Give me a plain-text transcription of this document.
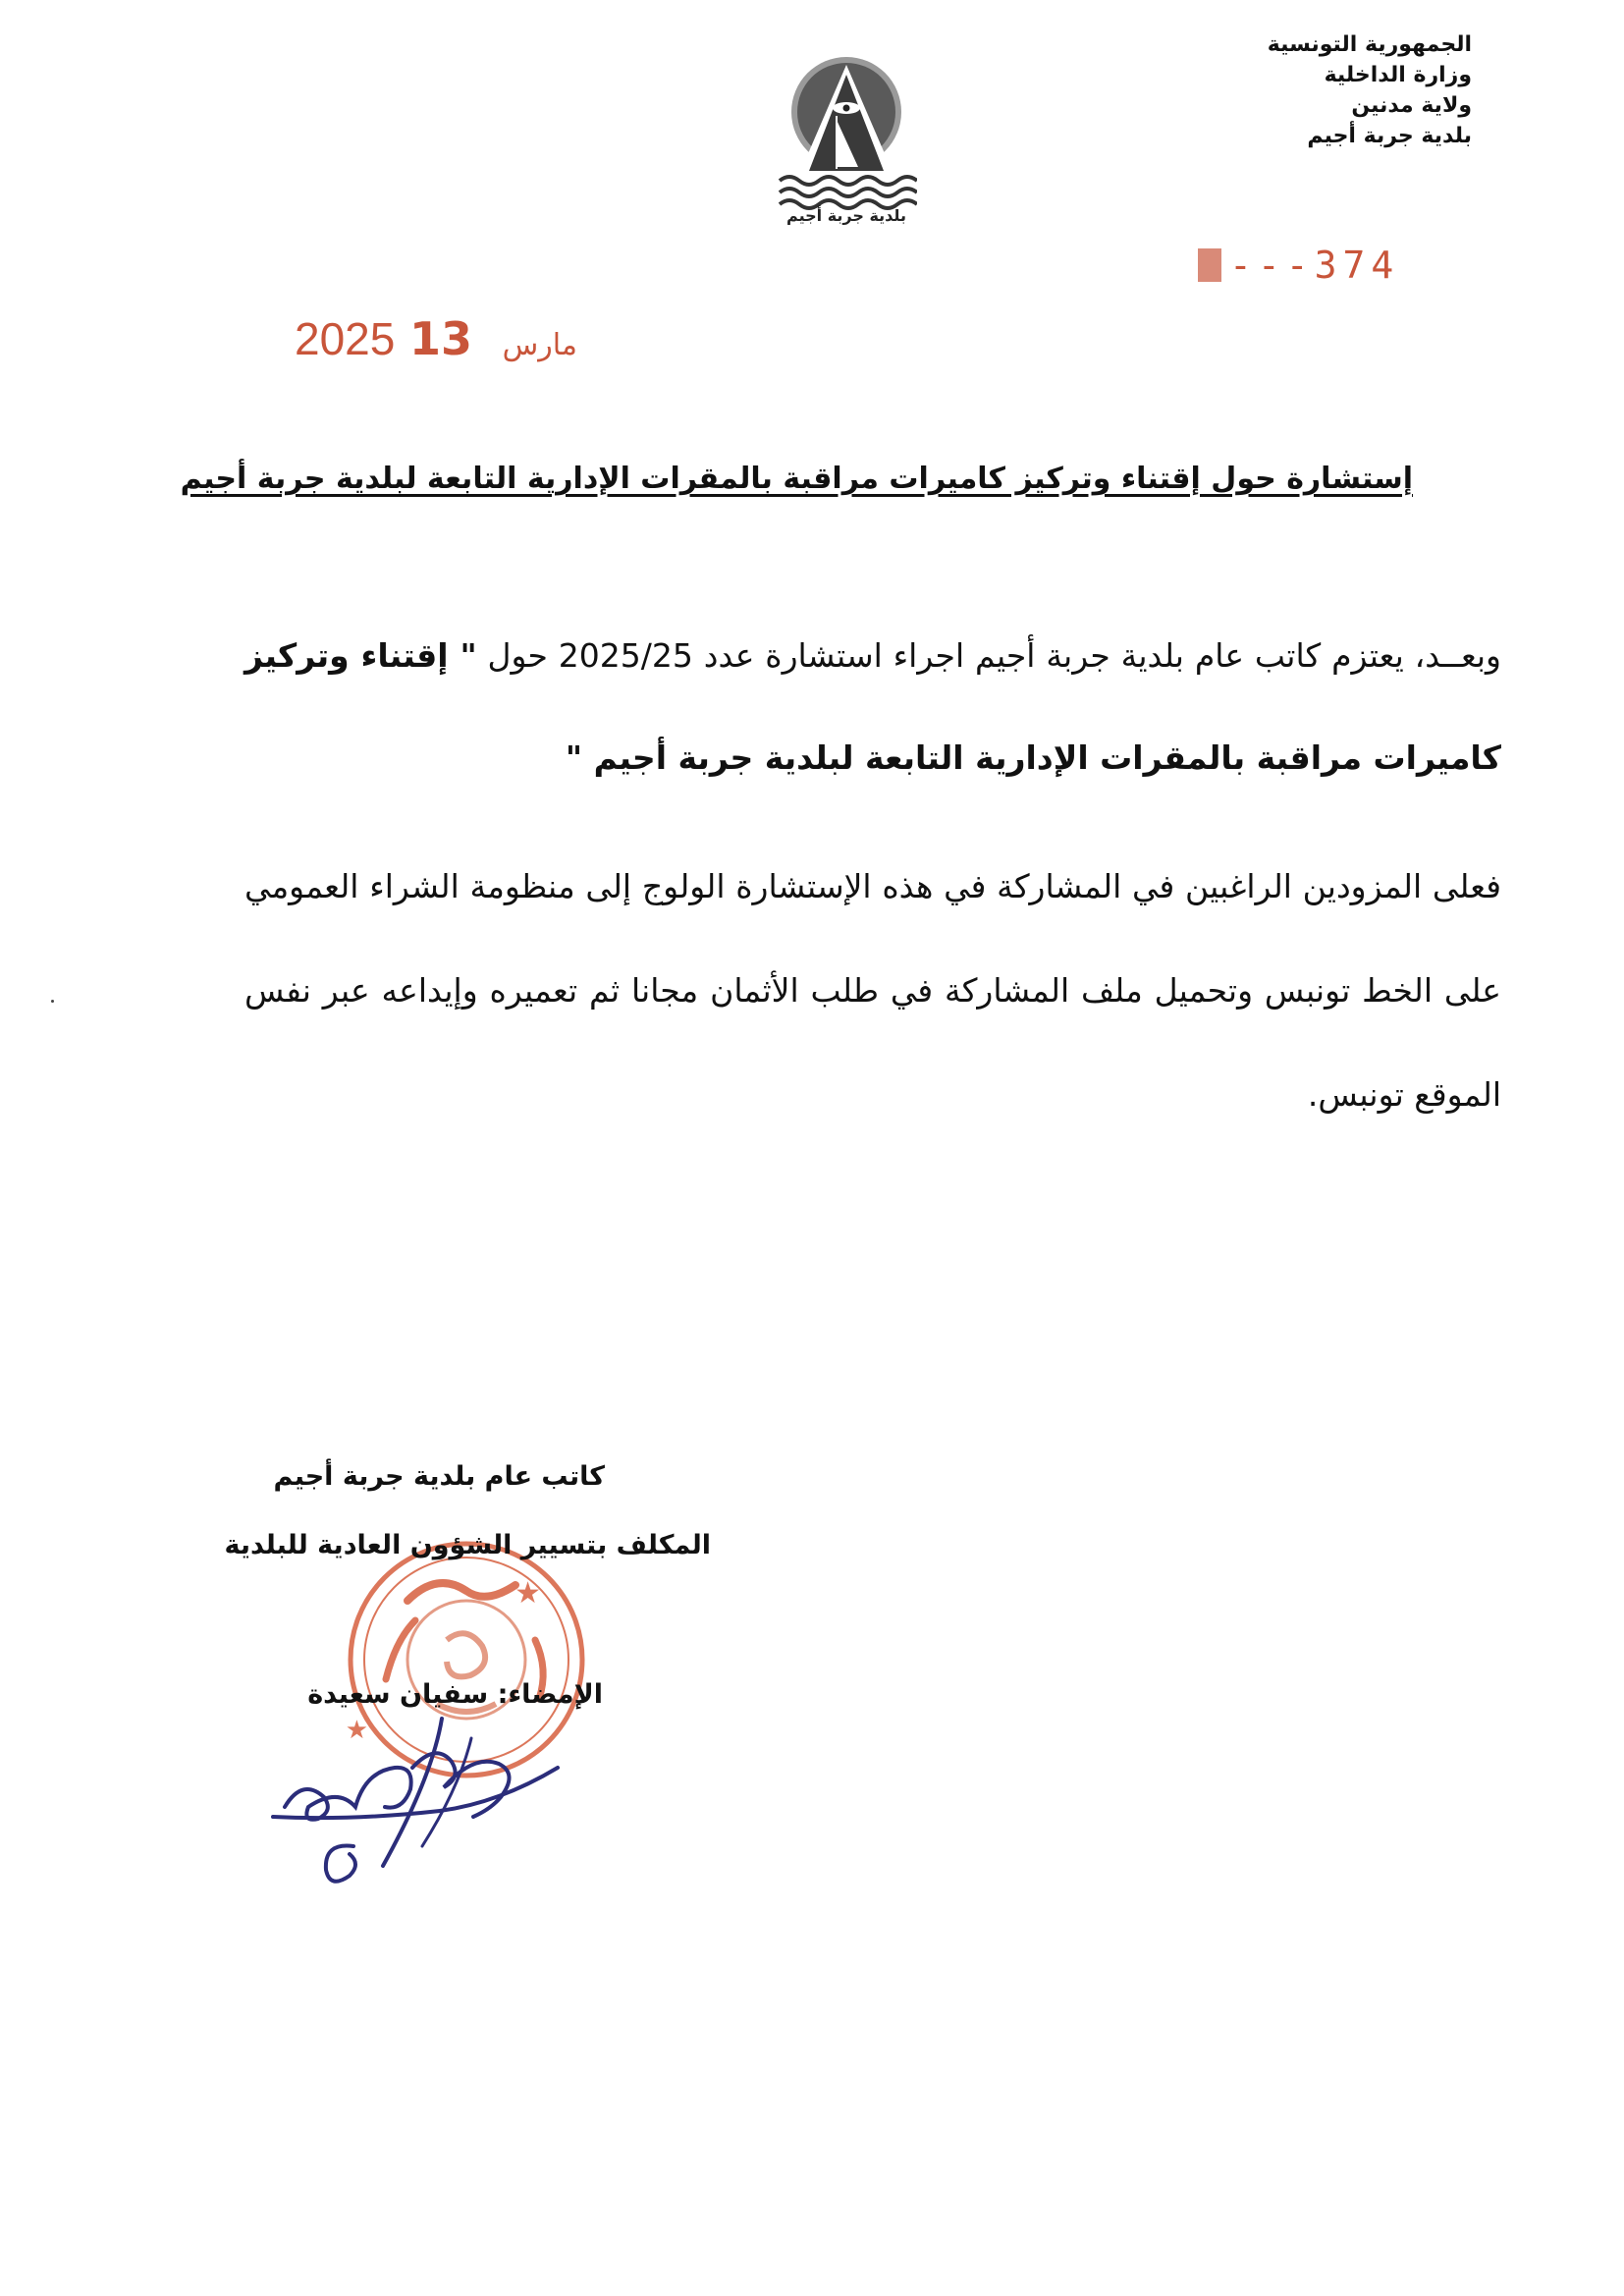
الجمهورية التونسية
وزارة الداخلية
ولاية مدنين
بلدية جربة أجيم
بلدية جربة أجيم
---374
2025	مارس 13
إستشارة حول إقتناء وتركيز كاميرات مراقبة بالمقرات الإدارية التابعة لبلدية جربة أجيم
وبعــد، يعتزم كاتب عام بلدية جربة أجيم اجراء استشارة عدد 2025/25 حول " إقتناء وتركيز كاميرات مراقبة بالمقرات الإدارية التابعة لبلدية جربة أجيم "
فعلى المزودين الراغبين في المشاركة في هذه الإستشارة الولوج إلى منظومة الشراء العمومي على الخط تونبس وتحميل ملف المشاركة في طلب الأثمان مجانا ثم تعميره وإيداعه عبر نفس الموقع تونبس.
★
★
كاتب عام بلدية جربة أجيم
المكلف بتسيير الشؤون العادية للبلدية
الإمضاء: سفيان سعيدة
